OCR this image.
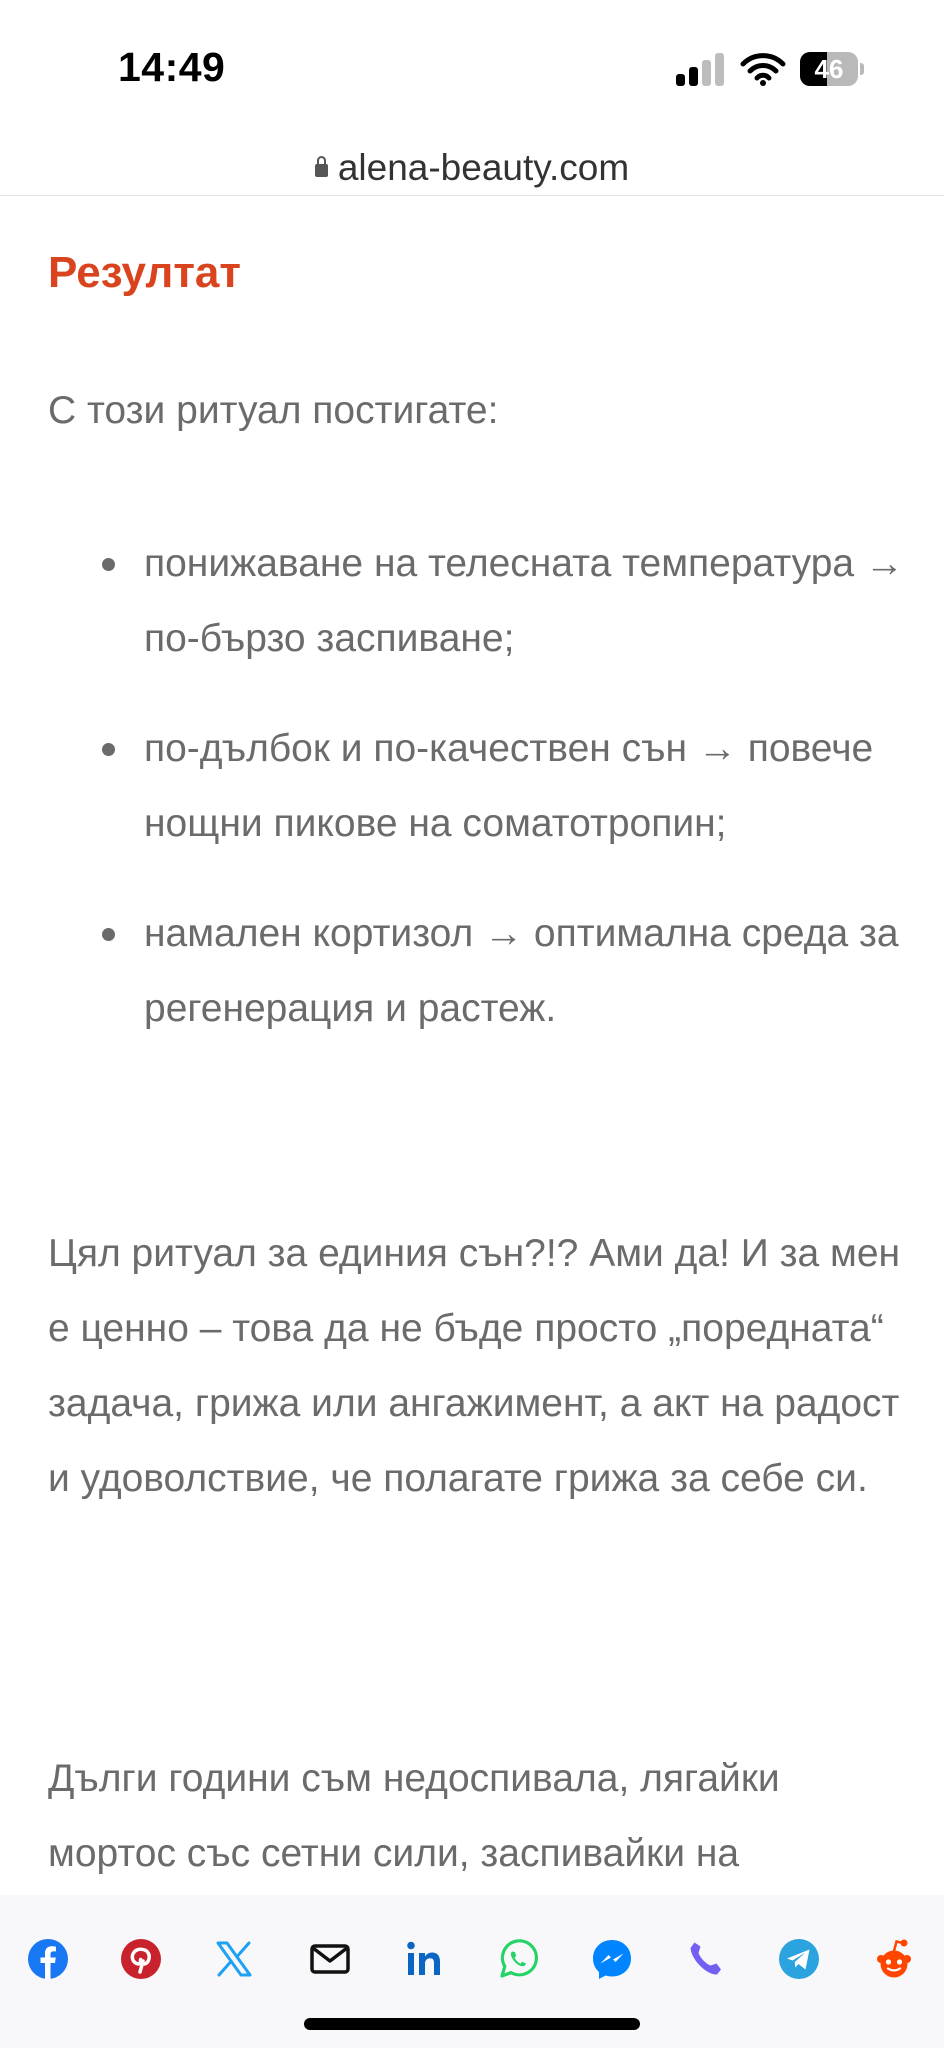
14:49	46
alena-beauty.com
Резултат

С този ритуал постигате:

понижаване на телесната температура → по-бързо заспиване;
по-дълбок и по-качествен сън → повече нощни пикове на соматотропин;
намален кортизол → оптимална среда за регенерация и растеж.

Цял ритуал за единия сън?!? Ами да! И за мен е ценно – това да не бъде просто „поредната“ задача, грижа или ангажимент, а акт на радост и удоволствие, че полагате грижа за себе си.

Дълги години съм недоспивала, лягайки мортос със сетни сили, заспивайки на
